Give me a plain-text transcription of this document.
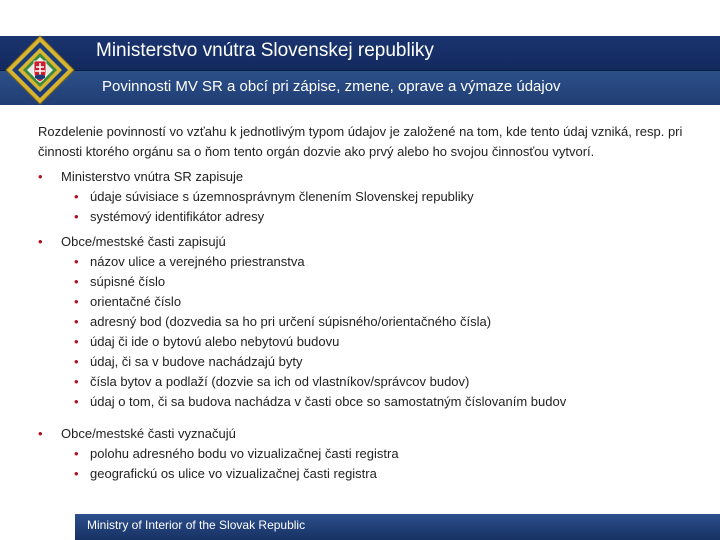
Ministerstvo vnútra Slovenskej republiky
Povinnosti MV SR a obcí pri zápise, zmene, oprave a výmaze údajov
Rozdelenie povinností vo vzťahu k jednotlivým typom údajov je založené na tom, kde tento údaj vzniká, resp. pri činnosti ktorého orgánu sa o ňom tento orgán dozvie ako prvý alebo ho svojou činnosťou vytvorí.
• Ministerstvo vnútra SR zapisuje
• údaje súvisiace s územnosprávnym členením Slovenskej republiky
• systémový identifikátor adresy
• Obce/mestské časti zapisujú
• názov ulice a verejného priestranstva
• súpisné číslo
• orientačné číslo
• adresný bod (dozvedia sa ho pri určení súpisného/orientačného čísla)
• údaj či ide o bytovú alebo nebytovú budovu
• údaj, či sa v budove nachádzajú byty
• čísla bytov a podlaží (dozvie sa ich od vlastníkov/správcov budov)
• údaj o tom, či sa budova nachádza v časti obce so samostatným číslovaním budov
• Obce/mestské časti vyznačujú
• polohu adresného bodu vo vizualizačnej časti registra
• geografickú os ulice vo vizualizačnej časti registra
Ministry of Interior of the Slovak Republic
